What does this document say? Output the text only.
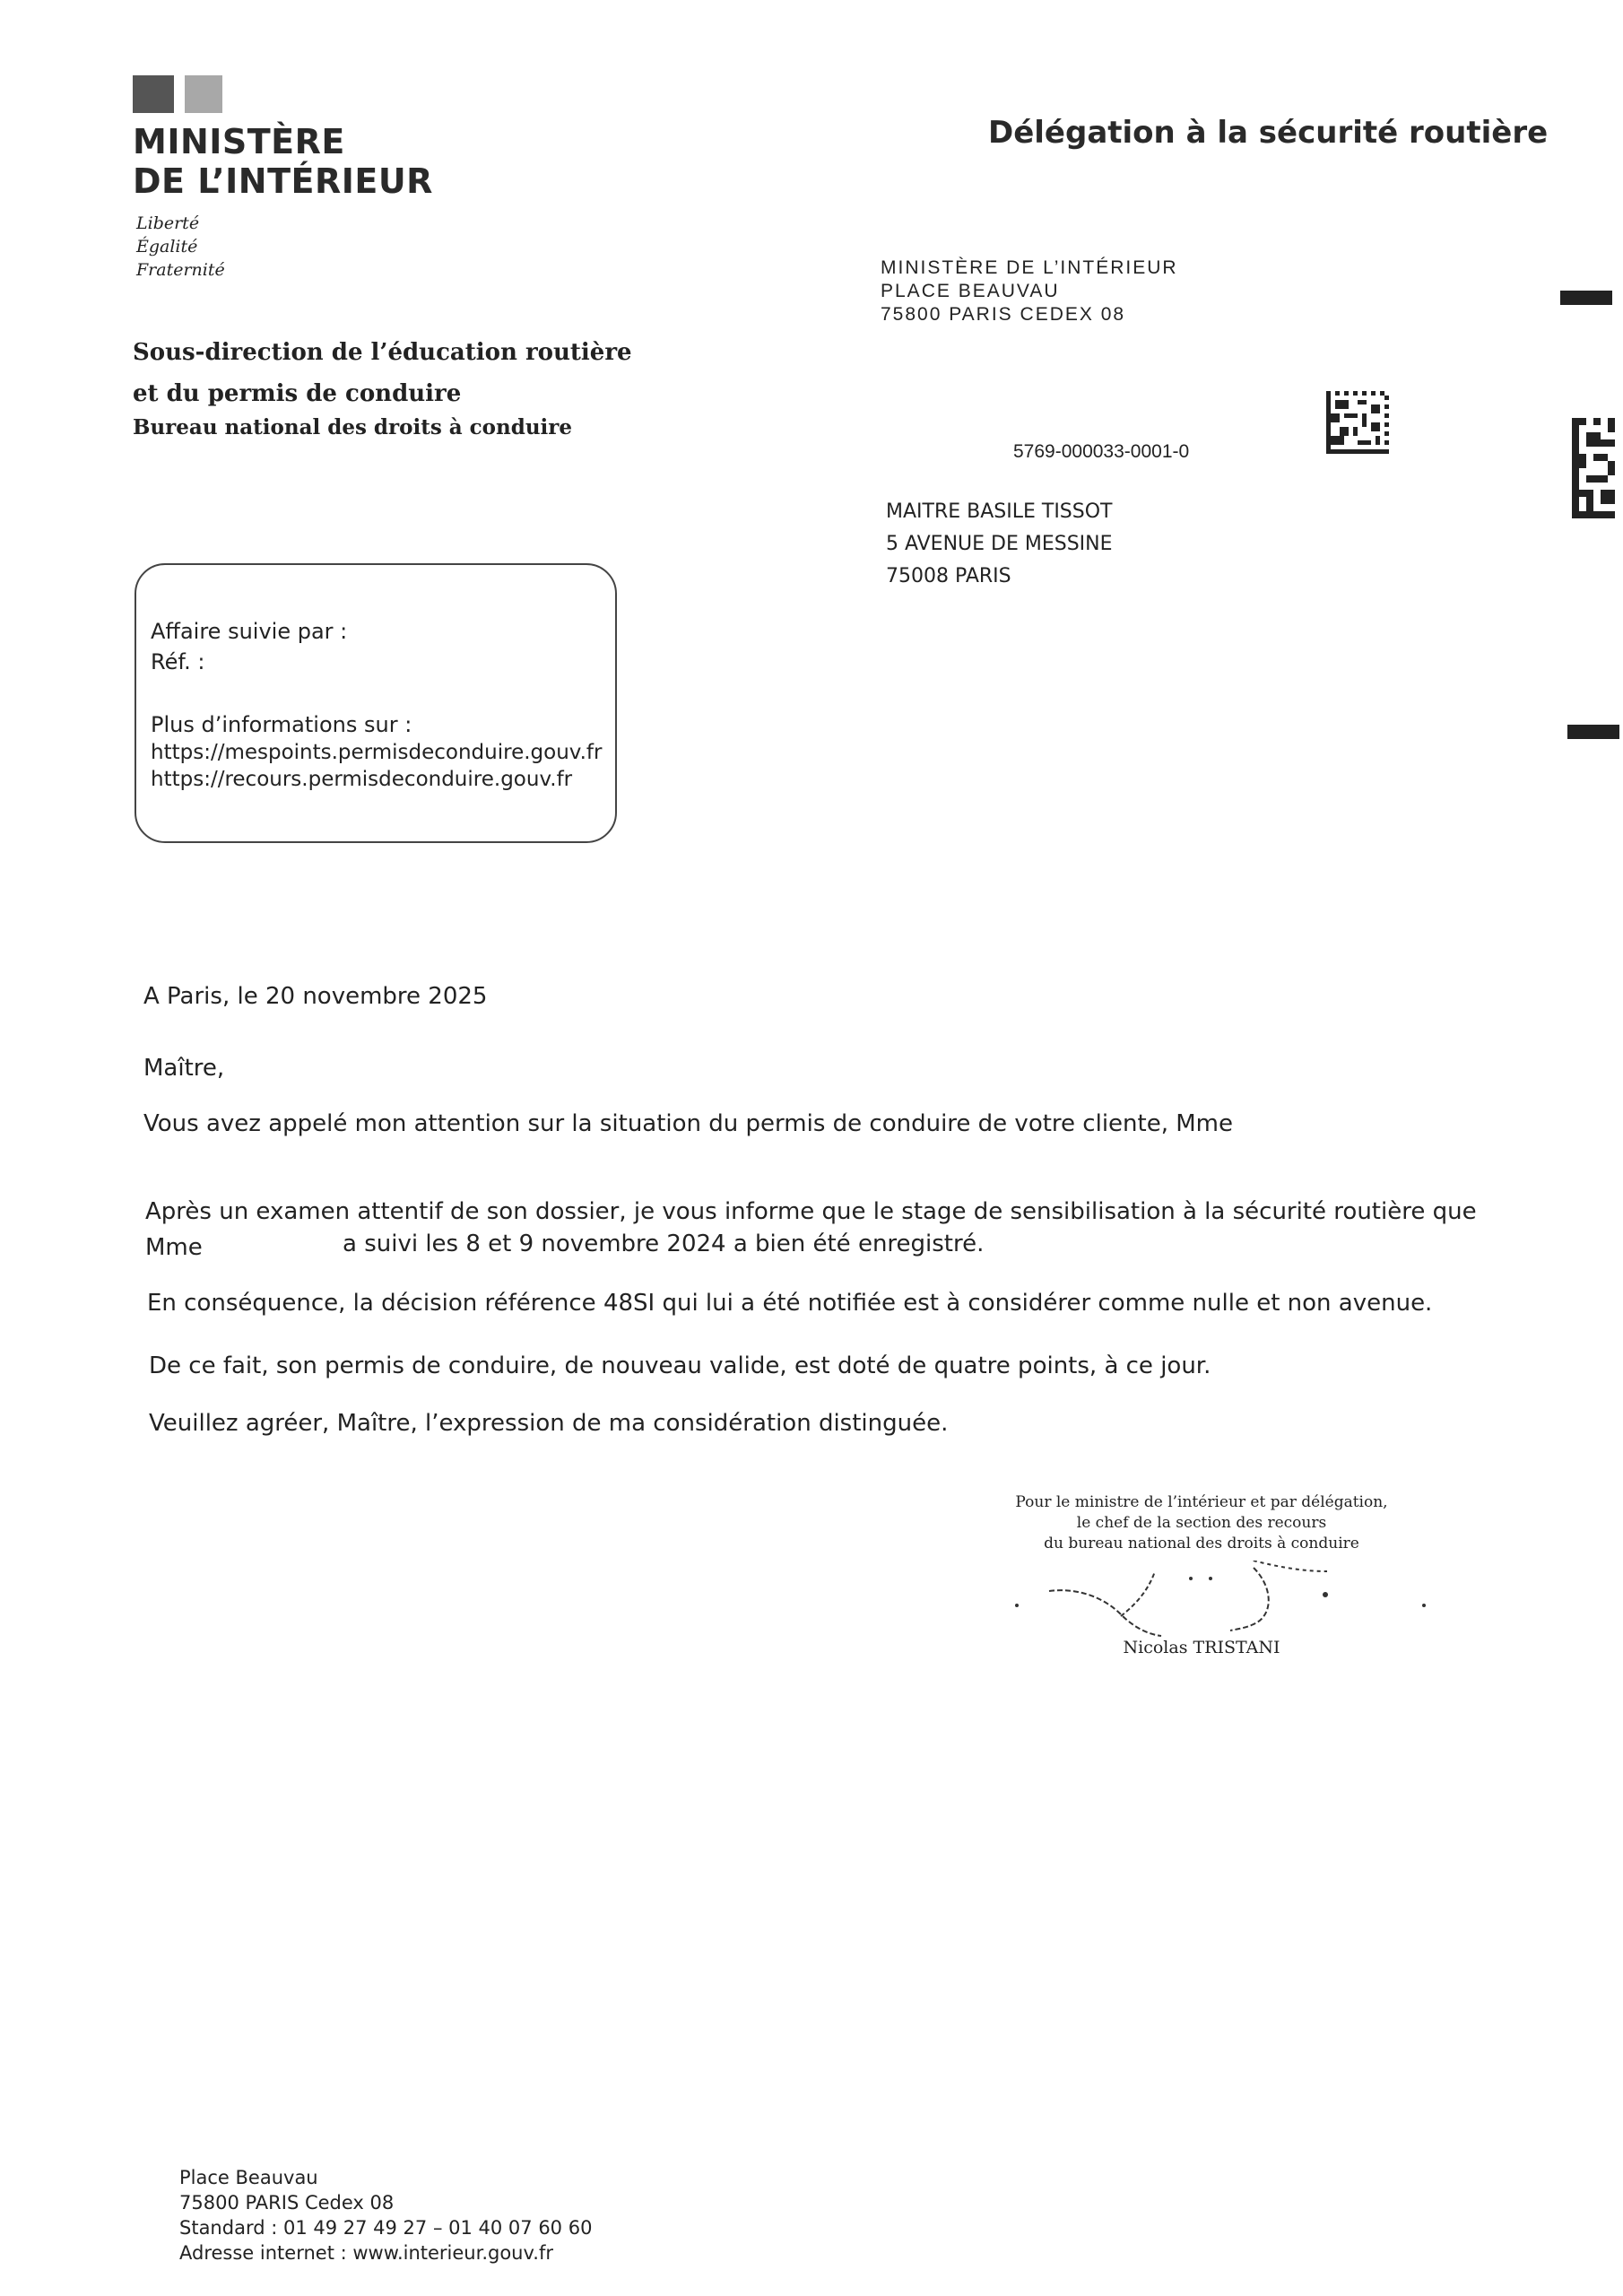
MINISTÈRE
DE L’INTÉRIEUR
Liberté
Égalité
Fraternité
Sous-direction de l’éducation routière
et du permis de conduire
Bureau national des droits à conduire
Délégation à la sécurité routière
MINISTÈRE DE L’INTÉRIEUR
PLACE BEAUVAU
75800 PARIS CEDEX 08
5769-000033-0001-0
MAITRE BASILE TISSOT
5 AVENUE DE MESSINE
75008 PARIS
Affaire suivie par :
Réf. :
Plus d’informations sur :
https://mespoints.permisdeconduire.gouv.fr
https://recours.permisdeconduire.gouv.fr
A Paris, le 20 novembre 2025
Maître,
Vous avez appelé mon attention sur la situation du permis de conduire de votre cliente, Mme
Après un examen attentif de son dossier, je vous informe que le stage de sensibilisation à la sécurité routière que
Mme	a suivi les 8 et 9 novembre 2024 a bien été enregistré.
En conséquence, la décision référence 48SI qui lui a été notifiée est à considérer comme nulle et non avenue.
De ce fait, son permis de conduire, de nouveau valide, est doté de quatre points, à ce jour.
Veuillez agréer, Maître, l’expression de ma considération distinguée.
Pour le ministre de l’intérieur et par délégation,
le chef de la section des recours
du bureau national des droits à conduire
Nicolas TRISTANI
Place Beauvau
75800 PARIS Cedex 08
Standard : 01 49 27 49 27 – 01 40 07 60 60
Adresse internet : www.interieur.gouv.fr
